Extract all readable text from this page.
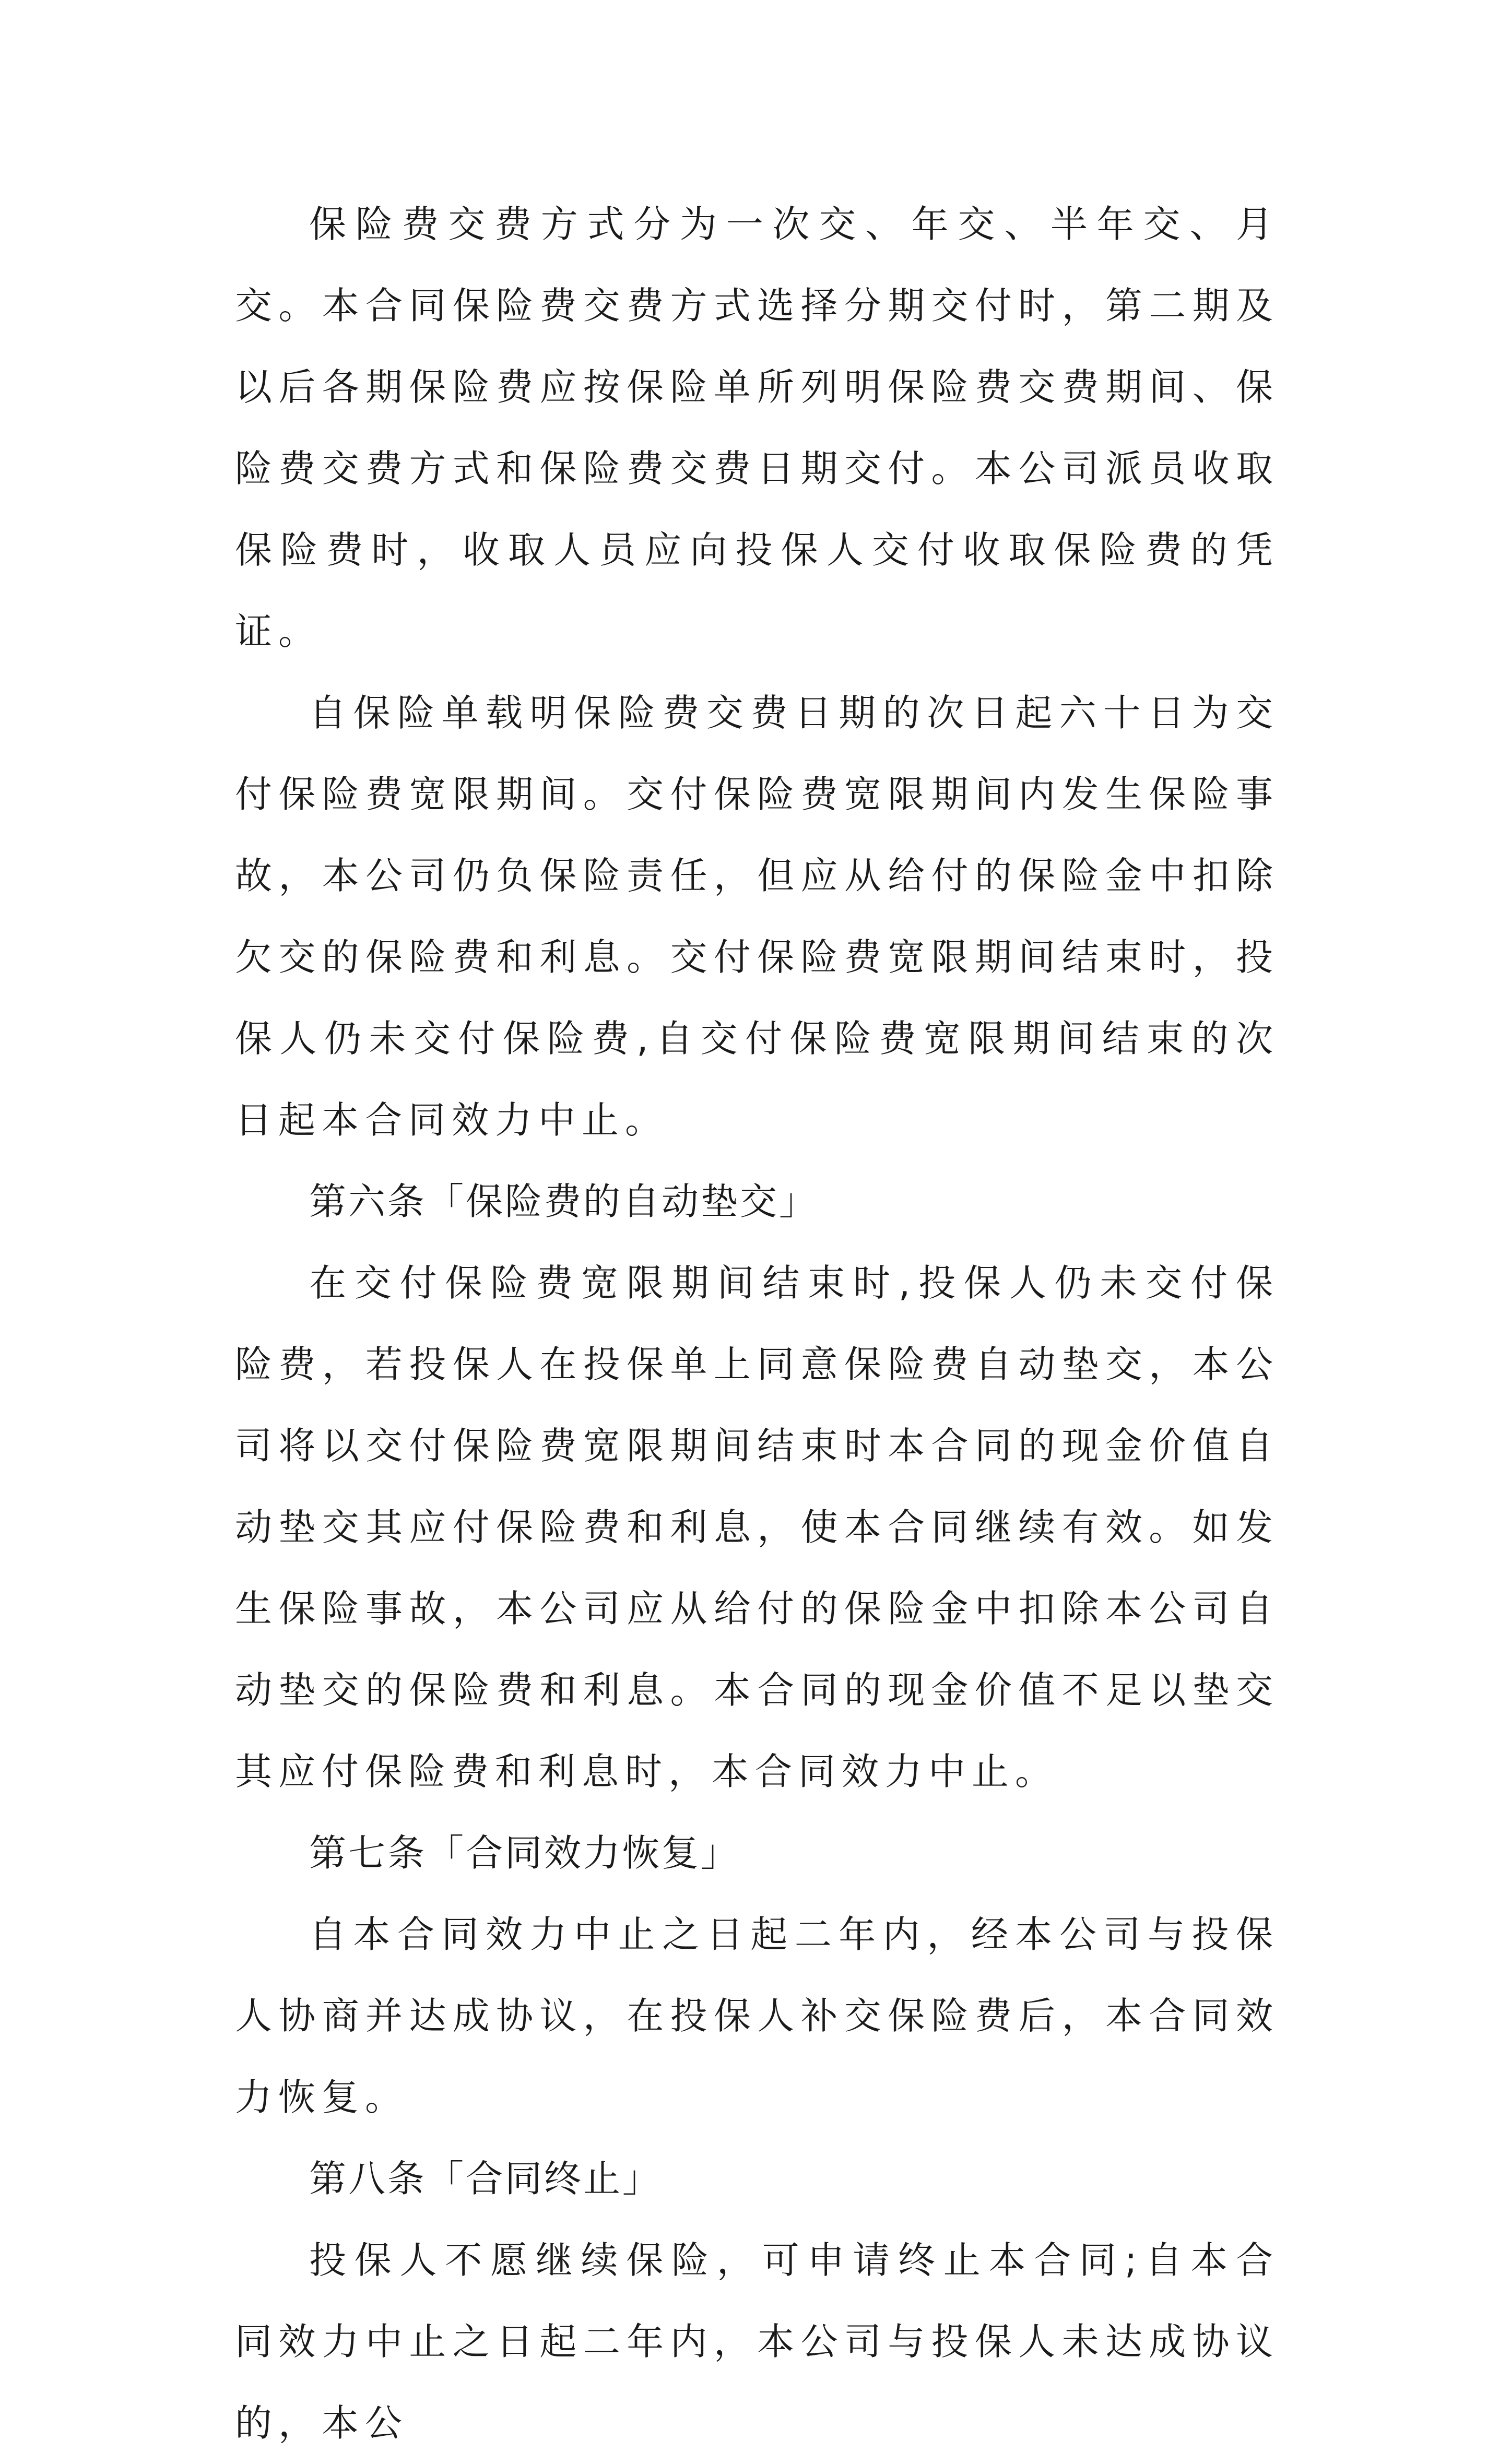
保险费交费方式分为一次交、年交、半年交、月交。本合同保险费交费方式选择分期交付时，第二期及以后各期保险费应按保险单所列明保险费交费期间、保险费交费方式和保险费交费日期交付。本公司派员收取保险费时，收取人员应向投保人交付收取保险费的凭证。

自保险单载明保险费交费日期的次日起六十日为交付保险费宽限期间。交付保险费宽限期间内发生保险事故，本公司仍负保险责任，但应从给付的保险金中扣除欠交的保险费和利息。交付保险费宽限期间结束时，投保人仍未交付保险费,自交付保险费宽限期间结束的次日起本合同效力中止。

第六条「保险费的自动垫交」

在交付保险费宽限期间结束时,投保人仍未交付保险费，若投保人在投保单上同意保险费自动垫交，本公司将以交付保险费宽限期间结束时本合同的现金价值自动垫交其应付保险费和利息，使本合同继续有效。如发生保险事故，本公司应从给付的保险金中扣除本公司自动垫交的保险费和利息。本合同的现金价值不足以垫交其应付保险费和利息时，本合同效力中止。

第七条「合同效力恢复」

自本合同效力中止之日起二年内，经本公司与投保人协商并达成协议，在投保人补交保险费后，本合同效力恢复。

第八条「合同终止」

投保人不愿继续保险，可申请终止本合同;自本合同效力中止之日起二年内，本公司与投保人未达成协议的，本公
